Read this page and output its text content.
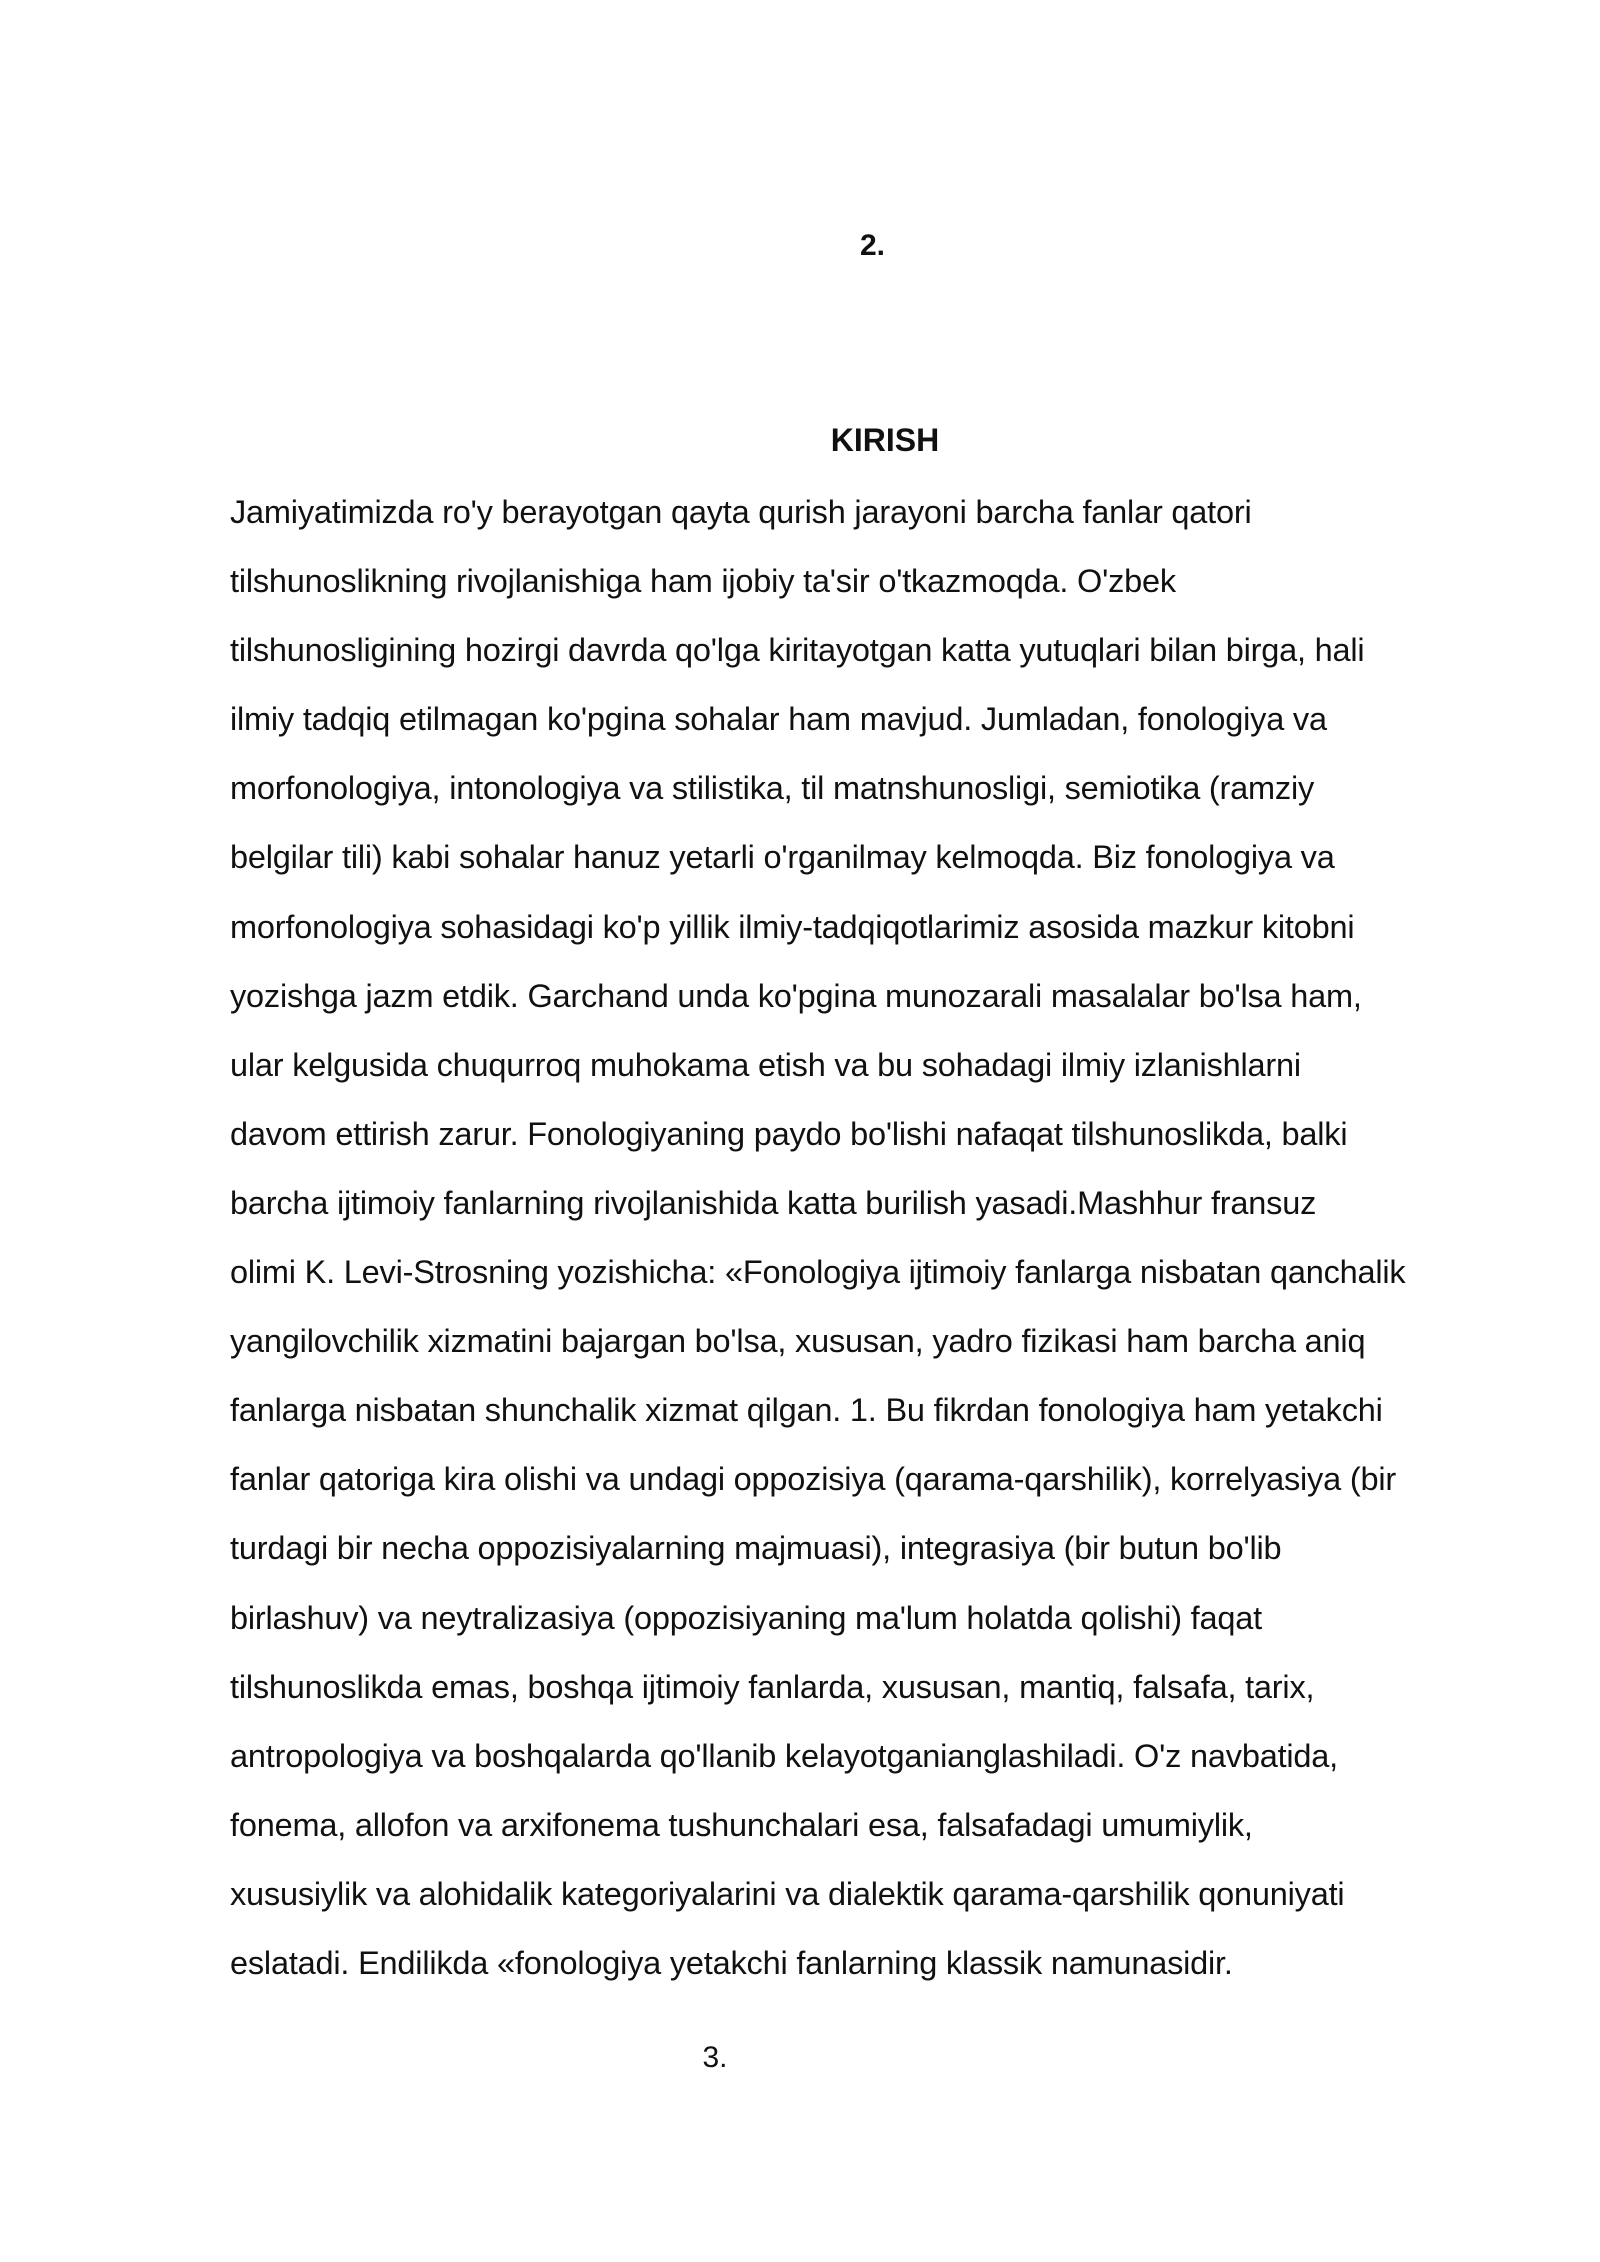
2.
KIRISH
Jamiyatimizda ro'y berayotgan qayta qurish jarayoni barcha fanlar qatori
tilshunoslikning rivojlanishiga ham ijobiy ta'sir o'tkazmoqda. O'zbek
tilshunosligining hozirgi davrda qo'lga kiritayotgan katta yutuqlari bilan birga, hali
ilmiy tadqiq etilmagan ko'pgina sohalar ham mavjud. Jumladan, fonologiya va
morfonologiya, intonologiya va stilistika, til matnshunosligi, semiotika (ramziy
belgilar tili) kabi sohalar hanuz yetarli o'rganilmay kelmoqda. Biz fonologiya va
morfonologiya sohasidagi ko'p yillik ilmiy-tadqiqotlarimiz asosida mazkur kitobni
yozishga jazm etdik. Garchand unda ko'pgina munozarali masalalar bo'lsa ham,
ular kelgusida chuqurroq muhokama etish va bu sohadagi ilmiy izlanishlarni
davom ettirish zarur. Fonologiyaning paydo bo'lishi nafaqat tilshunoslikda, balki
barcha ijtimoiy fanlarning rivojlanishida katta burilish yasadi.Mashhur fransuz
olimi K. Levi-Strosning yozishicha: «Fonologiya ijtimoiy fanlarga nisbatan qanchalik
yangilovchilik xizmatini bajargan bo'lsa, xususan, yadro fizikasi ham barcha aniq
fanlarga nisbatan shunchalik xizmat qilgan. 1. Bu fikrdan fonologiya ham yetakchi
fanlar qatoriga kira olishi va undagi oppozisiya (qarama-qarshilik), korrelyasiya (bir
turdagi bir necha oppozisiyalarning majmuasi), integrasiya (bir butun bo'lib
birlashuv) va neytralizasiya (oppozisiyaning ma'lum holatda qolishi) faqat
tilshunoslikda emas, boshqa ijtimoiy fanlarda, xususan, mantiq, falsafa, tarix,
antropologiya va boshqalarda qo'llanib kelayotganianglashiladi. O'z navbatida,
fonema, allofon va arxifonema tushunchalari esa, falsafadagi umumiylik,
xususiylik va alohidalik kategoriyalarini va dialektik qarama-qarshilik qonuniyati
eslatadi. Endilikda «fonologiya yetakchi fanlarning klassik namunasidir.
3.
